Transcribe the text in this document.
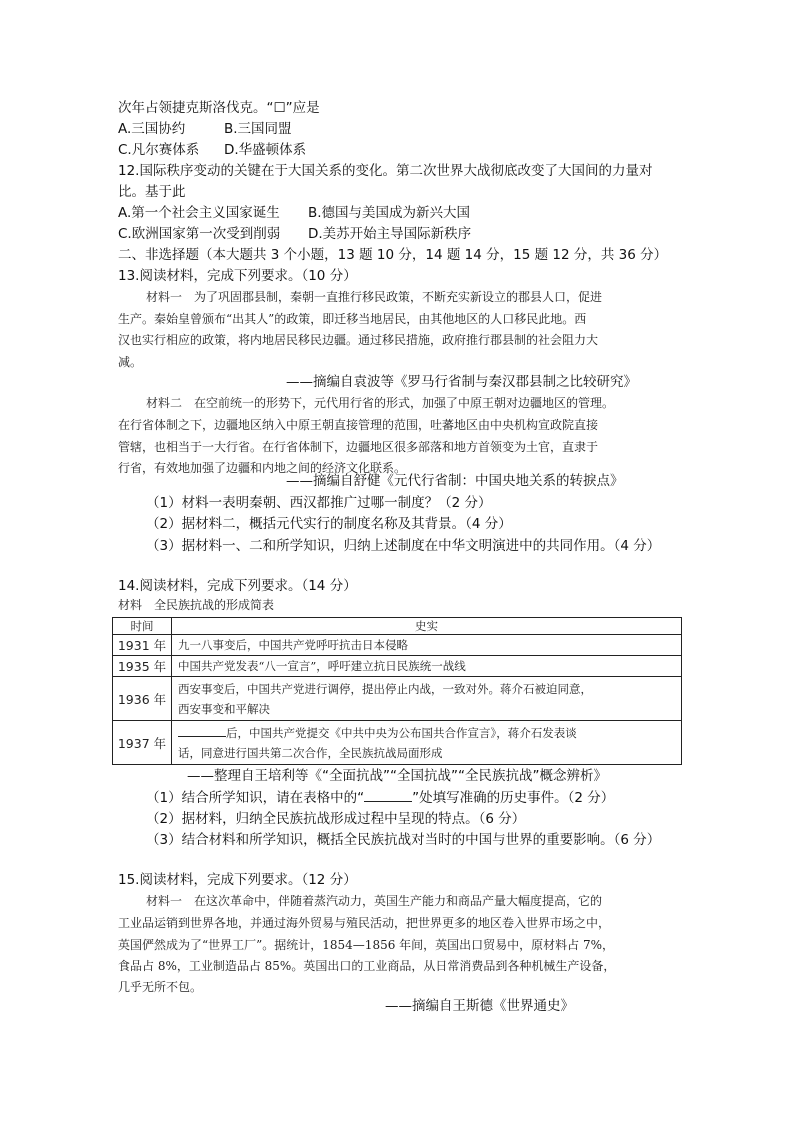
次年占领捷克斯洛伐克。“☐”应是
A.三国协约	B.三国同盟
C.凡尔赛体系 D.华盛顿体系
12.国际秩序变动的关键在于大国关系的变化。第二次世界大战彻底改变了大国间的力量对
比。基于此
A.第一个社会主义国家诞生 B.德国与美国成为新兴大国
C.欧洲国家第一次受到削弱 D.美苏开始主导国际新秩序
二、非选择题（本大题共 3 个小题，13 题 10 分，14 题 14 分，15 题 12 分，共 36 分）
13.阅读材料，完成下列要求。（10 分）
材料一　为了巩固郡县制，秦朝一直推行移民政策，不断充实新设立的郡县人口，促进
生产。秦始皇曾颁布“出其人”的政策，即迁移当地居民，由其他地区的人口移民此地。西
汉也实行相应的政策，将内地居民移民边疆。通过移民措施，政府推行郡县制的社会阻力大
减。
——摘编自袁波等《罗马行省制与秦汉郡县制之比较研究》
材料二　在空前统一的形势下，元代用行省的形式，加强了中原王朝对边疆地区的管理。
在行省体制之下，边疆地区纳入中原王朝直接管理的范围，吐蕃地区由中央机构宣政院直接
管辖，也相当于一大行省。在行省体制下，边疆地区很多部落和地方首领变为土官，直隶于
行省，有效地加强了边疆和内地之间的经济文化联系。
——摘编自舒健《元代行省制：中国央地关系的转捩点》
（1）材料一表明秦朝、西汉都推广过哪一制度？（2 分）
（2）据材料二，概括元代实行的制度名称及其背景。（4 分）
（3）据材料一、二和所学知识，归纳上述制度在中华文明演进中的共同作用。（4 分）
14.阅读材料，完成下列要求。（14 分）
材料　全民族抗战的形成简表
时间	史实
1931 年	九一八事变后，中国共产党呼吁抗击日本侵略
1935 年	中国共产党发表“八一宣言”，呼吁建立抗日民族统一战线
1936 年	西安事变后，中国共产党进行调停，提出停止内战，一致对外。蒋介石被迫同意，
西安事变和平解决

1937 年	后，中国共产党提交《中共中央为公布国共合作宣言》，蒋介石发表谈
话，同意进行国共第二次合作，全民族抗战局面形成
——整理自王培利等《“全面抗战”“全国抗战”“全民族抗战”概念辨析》
（1）结合所学知识，请在表格中的“	”处填写准确的历史事件。（2 分）
（2）据材料，归纳全民族抗战形成过程中呈现的特点。（6 分）
（3）结合材料和所学知识，概括全民族抗战对当时的中国与世界的重要影响。（6 分）
15.阅读材料，完成下列要求。（12 分）
材料一　在这次革命中，伴随着蒸汽动力，英国生产能力和商品产量大幅度提高，它的
工业品运销到世界各地，并通过海外贸易与殖民活动，把世界更多的地区卷入世界市场之中，
英国俨然成为了“世界工厂”。据统计，1854—1856 年间，英国出口贸易中，原材料占 7%，
食品占 8%，工业制造品占 85%。英国出口的工业商品，从日常消费品到各种机械生产设备，
几乎无所不包。
——摘编自王斯德《世界通史》
